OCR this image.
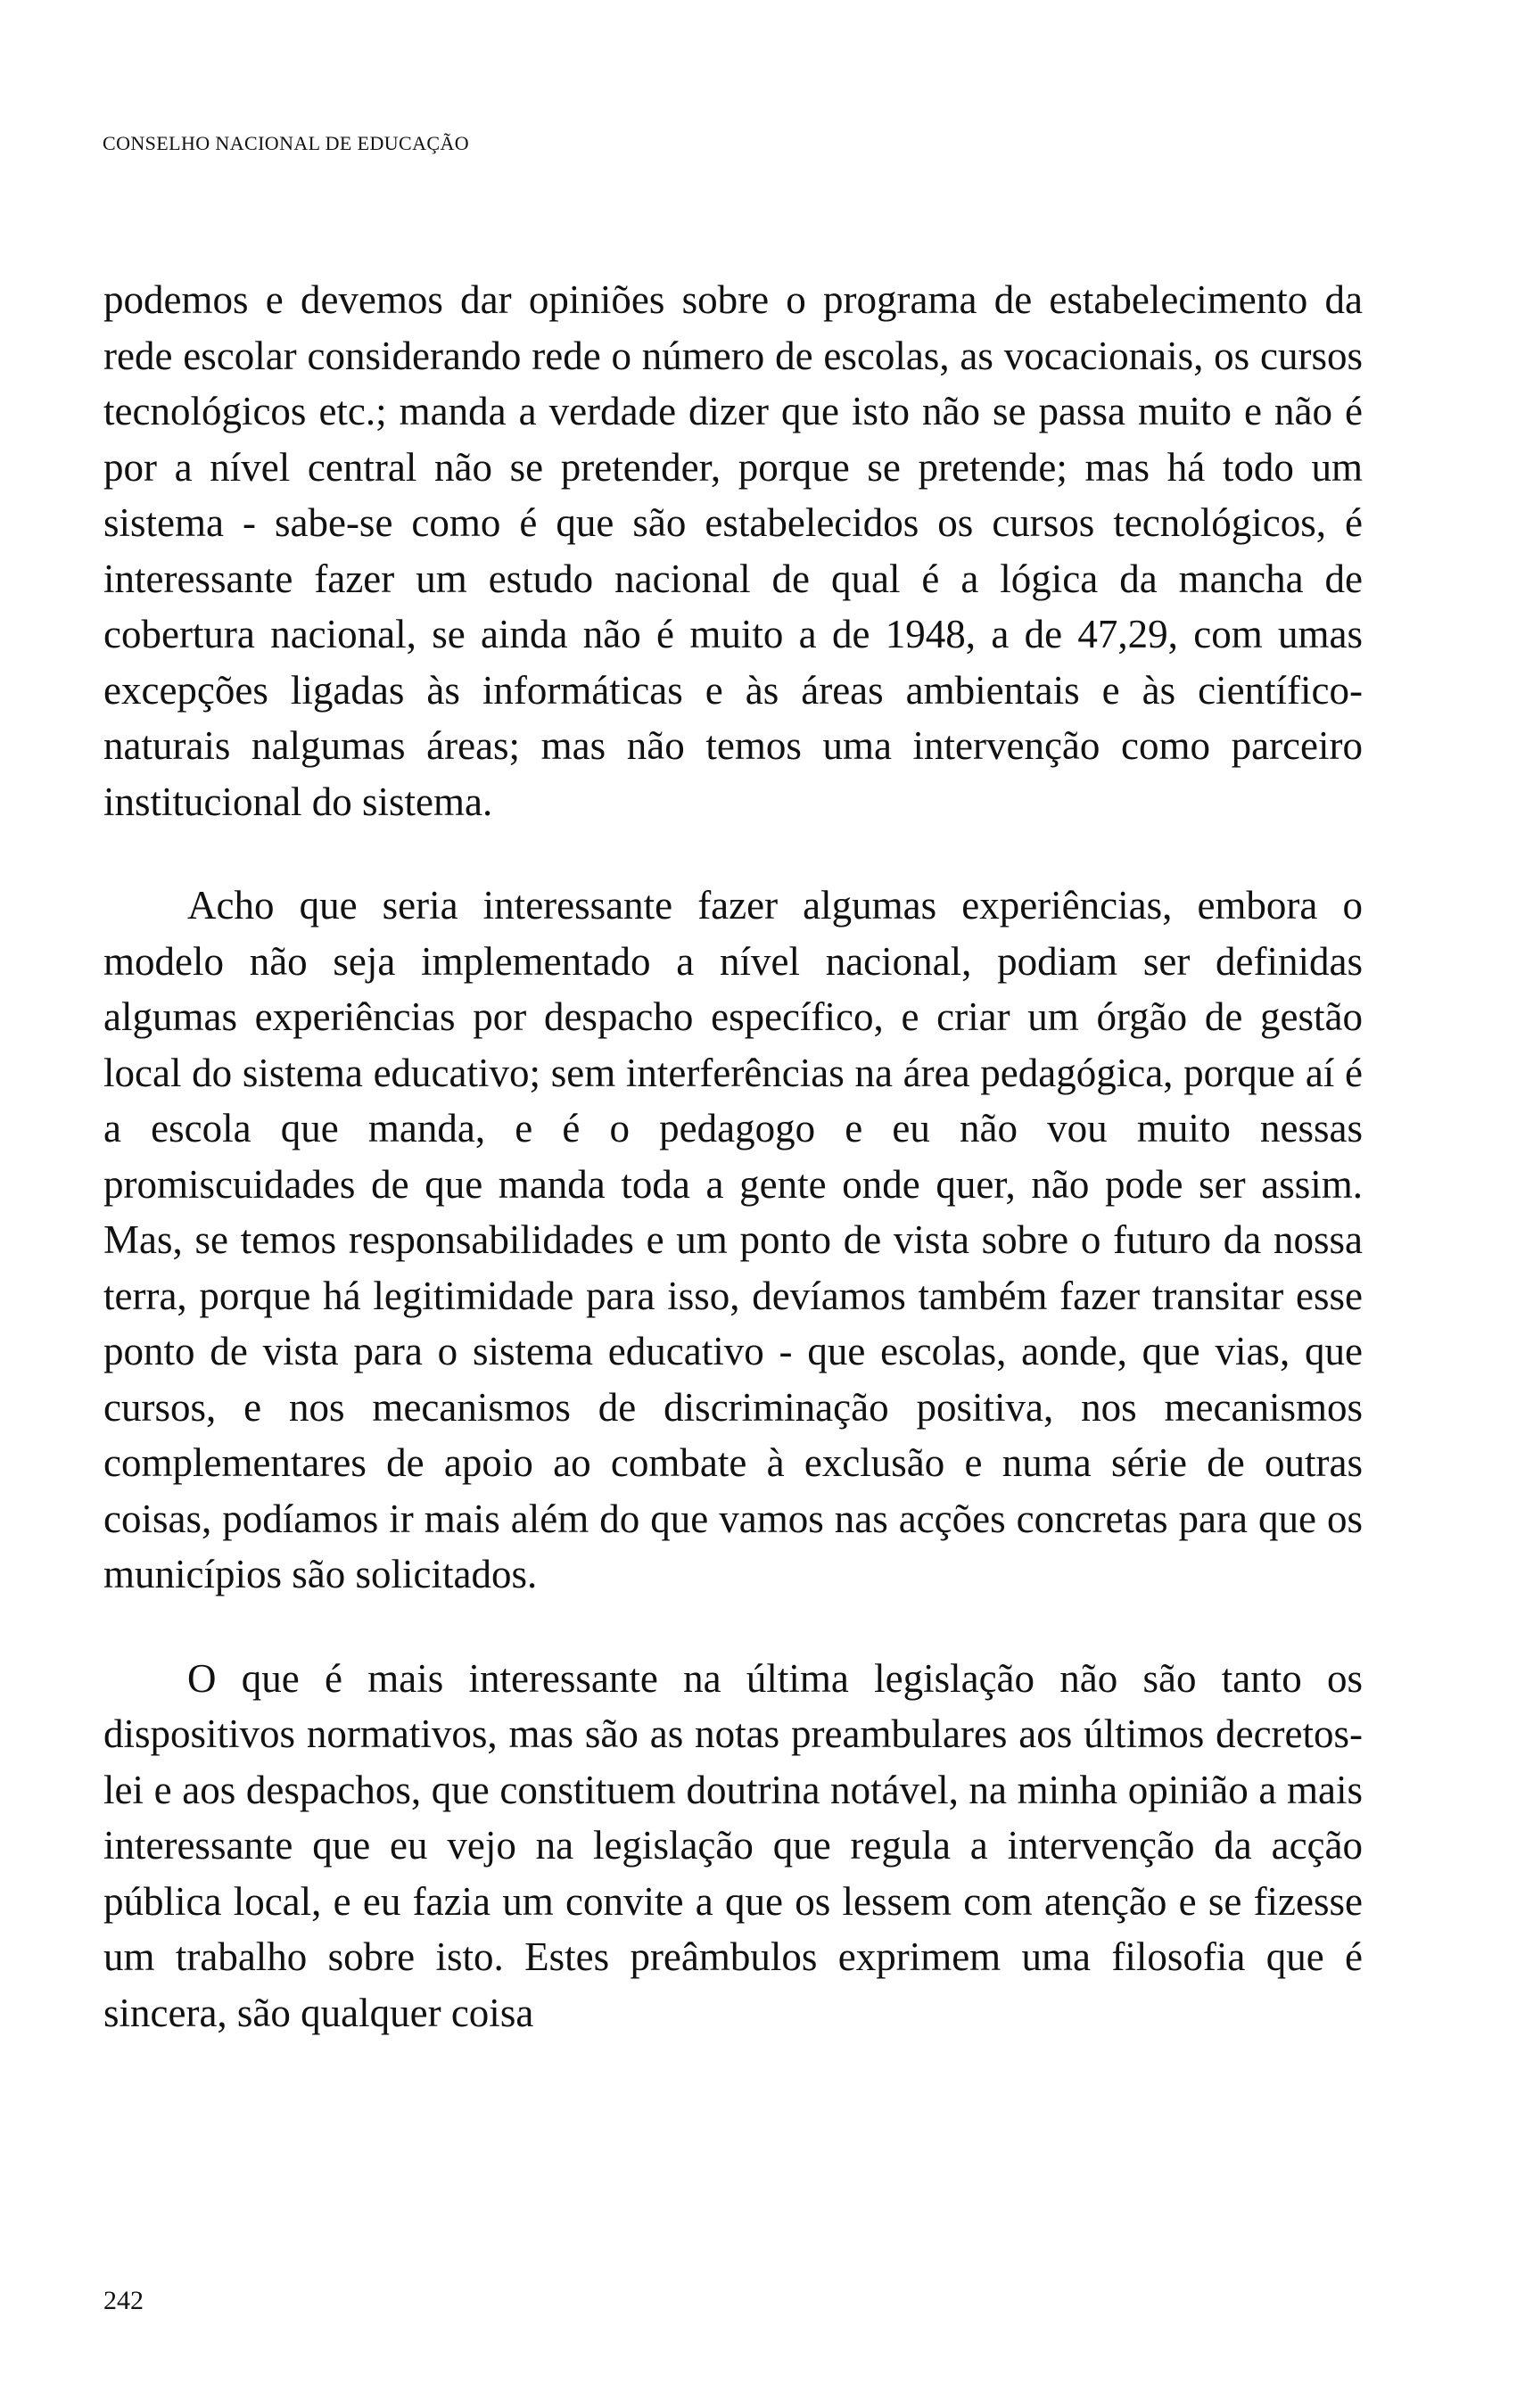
CONSELHO NACIONAL DE EDUCAÇÃO

podemos e devemos dar opiniões sobre o programa de estabelecimento da rede escolar considerando rede o número de escolas, as vocacionais, os cursos tecnológicos etc.; manda a verdade dizer que isto não se passa muito e não é por a nível central não se pretender, porque se pretende; mas há todo um sistema - sabe-se como é que são estabelecidos os cursos tecnológicos, é interessante fazer um estudo nacional de qual é a lógica da mancha de cobertura nacional, se ainda não é muito a de 1948, a de 47,29, com umas excepções ligadas às informáticas e às áreas ambientais e às científico-naturais nalgumas áreas; mas não temos uma intervenção como parceiro institucional do sistema.

Acho que seria interessante fazer algumas experiências, embora o modelo não seja implementado a nível nacional, podiam ser definidas algumas experiências por despacho específico, e criar um órgão de gestão local do sistema educativo; sem interferências na área pedagógica, porque aí é a escola que manda, e é o pedagogo e eu não vou muito nessas promiscuidades de que manda toda a gente onde quer, não pode ser assim. Mas, se temos responsabilidades e um ponto de vista sobre o futuro da nossa terra, porque há legitimidade para isso, devíamos também fazer transitar esse ponto de vista para o sistema educativo - que escolas, aonde, que vias, que cursos, e nos mecanismos de discriminação positiva, nos mecanismos complementares de apoio ao combate à exclusão e numa série de outras coisas, podíamos ir mais além do que vamos nas acções concretas para que os municípios são solicitados.

O que é mais interessante na última legislação não são tanto os dispositivos normativos, mas são as notas preambulares aos últimos decretos-lei e aos despachos, que constituem doutrina notável, na minha opinião a mais interessante que eu vejo na legislação que regula a intervenção da acção pública local, e eu fazia um convite a que os lessem com atenção e se fizesse um trabalho sobre isto. Estes preâmbulos exprimem uma filosofia que é sincera, são qualquer coisa

242
